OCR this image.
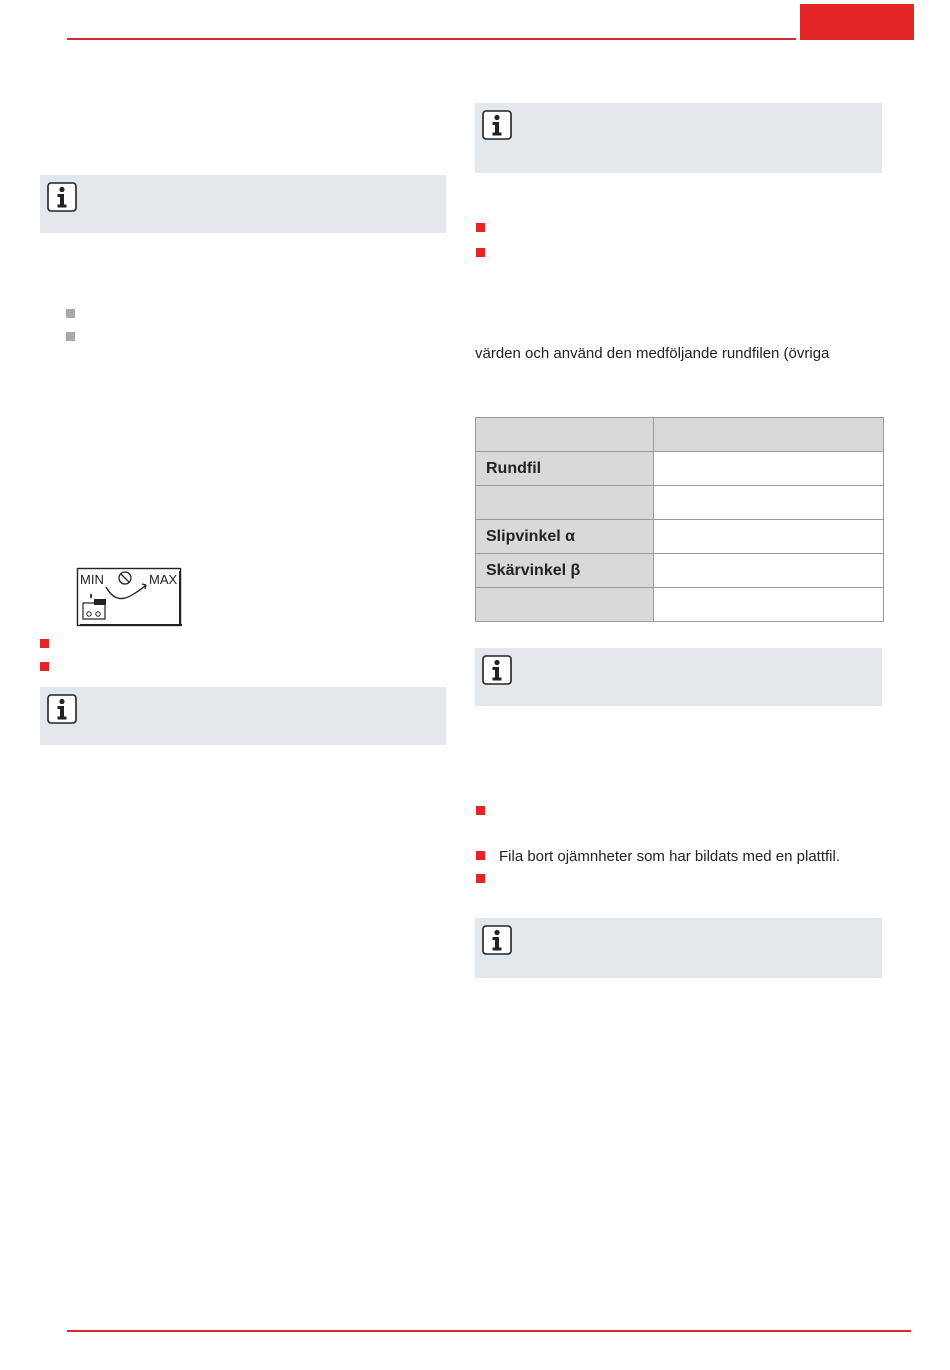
MIN	MAX
värden och använd den medföljande rundfilen (övriga

Rundfil	

Slipvinkel α	
Skärvinkel β	

Fila bort ojämnheter som har bildats med en plattfil.
